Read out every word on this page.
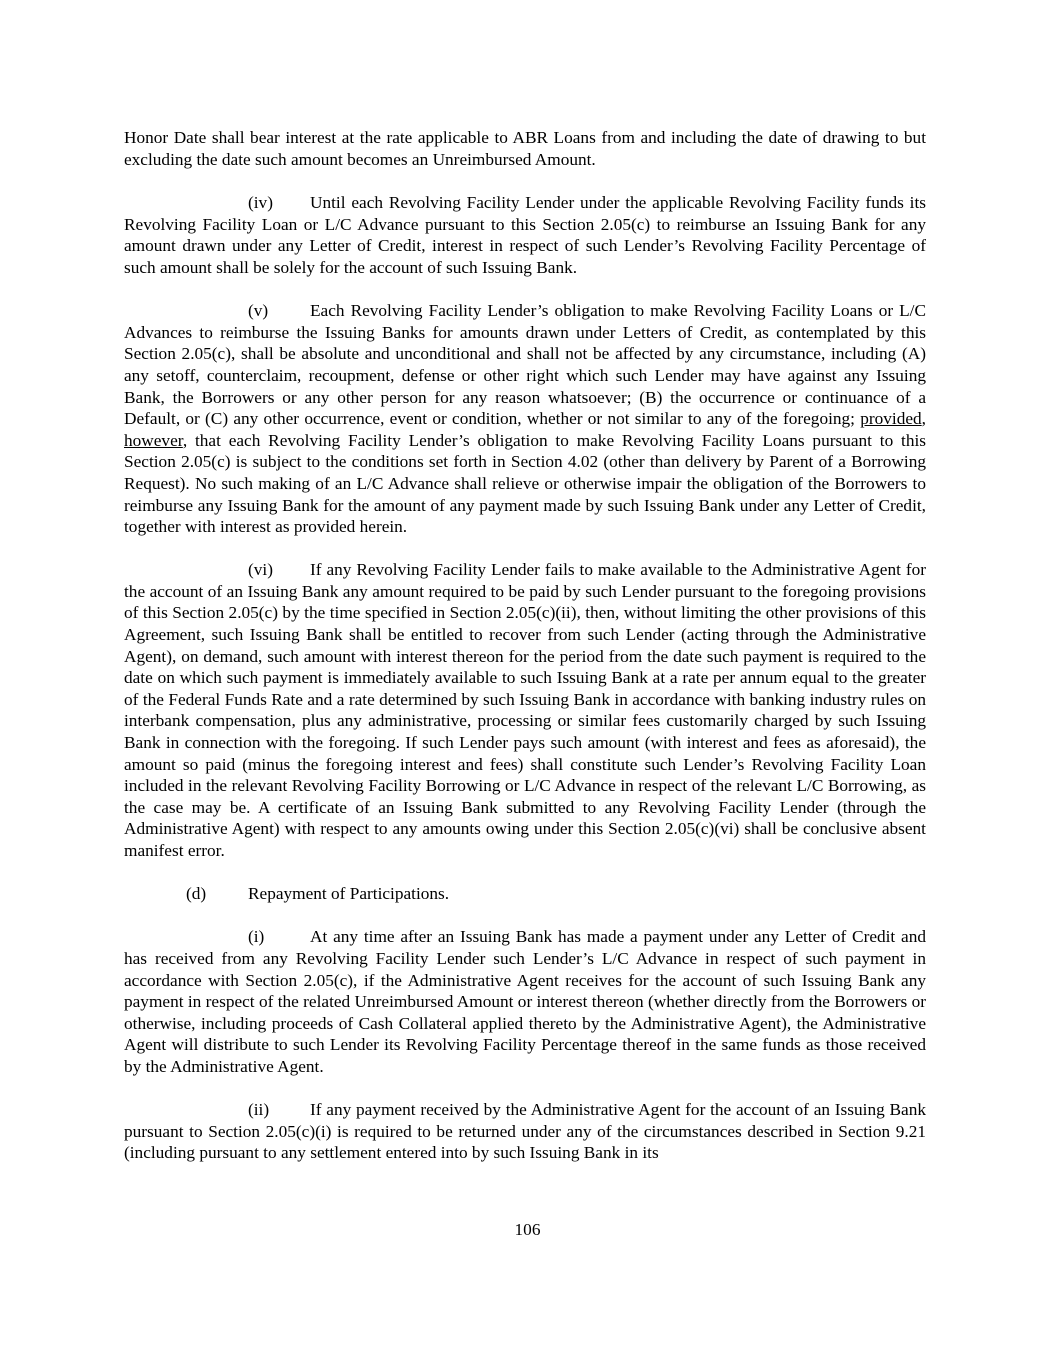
Honor Date shall bear interest at the rate applicable to ABR Loans from and including the date of drawing to but excluding the date such amount becomes an Unreimbursed Amount.

(iv) Until each Revolving Facility Lender under the applicable Revolving Facility funds its Revolving Facility Loan or L/C Advance pursuant to this Section 2.05(c) to reimburse an Issuing Bank for any amount drawn under any Letter of Credit, interest in respect of such Lender’s Revolving Facility Percentage of such amount shall be solely for the account of such Issuing Bank.

(v) Each Revolving Facility Lender’s obligation to make Revolving Facility Loans or L/C Advances to reimburse the Issuing Banks for amounts drawn under Letters of Credit, as contemplated by this Section 2.05(c), shall be absolute and unconditional and shall not be affected by any circumstance, including (A) any setoff, counterclaim, recoupment, defense or other right which such Lender may have against any Issuing Bank, the Borrowers or any other person for any reason whatsoever; (B) the occurrence or continuance of a Default, or (C) any other occurrence, event or condition, whether or not similar to any of the foregoing; provided, however, that each Revolving Facility Lender’s obligation to make Revolving Facility Loans pursuant to this Section 2.05(c) is subject to the conditions set forth in Section 4.02 (other than delivery by Parent of a Borrowing Request). No such making of an L/C Advance shall relieve or otherwise impair the obligation of the Borrowers to reimburse any Issuing Bank for the amount of any payment made by such Issuing Bank under any Letter of Credit, together with interest as provided herein.

(vi) If any Revolving Facility Lender fails to make available to the Administrative Agent for the account of an Issuing Bank any amount required to be paid by such Lender pursuant to the foregoing provisions of this Section 2.05(c) by the time specified in Section 2.05(c)(ii), then, without limiting the other provisions of this Agreement, such Issuing Bank shall be entitled to recover from such Lender (acting through the Administrative Agent), on demand, such amount with interest thereon for the period from the date such payment is required to the date on which such payment is immediately available to such Issuing Bank at a rate per annum equal to the greater of the Federal Funds Rate and a rate determined by such Issuing Bank in accordance with banking industry rules on interbank compensation, plus any administrative, processing or similar fees customarily charged by such Issuing Bank in connection with the foregoing. If such Lender pays such amount (with interest and fees as aforesaid), the amount so paid (minus the foregoing interest and fees) shall constitute such Lender’s Revolving Facility Loan included in the relevant Revolving Facility Borrowing or L/C Advance in respect of the relevant L/C Borrowing, as the case may be. A certificate of an Issuing Bank submitted to any Revolving Facility Lender (through the Administrative Agent) with respect to any amounts owing under this Section 2.05(c)(vi) shall be conclusive absent manifest error.

(d) Repayment of Participations.

(i)	At any time after an Issuing Bank has made a payment under any Letter of Credit and has received from any Revolving Facility Lender such Lender’s L/C Advance in respect of such payment in accordance with Section 2.05(c), if the Administrative Agent receives for the account of such Issuing Bank any payment in respect of the related Unreimbursed Amount or interest thereon (whether directly from the Borrowers or otherwise, including proceeds of Cash Collateral applied thereto by the Administrative Agent), the Administrative Agent will distribute to such Lender its Revolving Facility Percentage thereof in the same funds as those received by the Administrative Agent.

(ii) If any payment received by the Administrative Agent for the account of an Issuing Bank pursuant to Section 2.05(c)(i) is required to be returned under any of the circumstances described in Section 9.21 (including pursuant to any settlement entered into by such Issuing Bank in its

106
